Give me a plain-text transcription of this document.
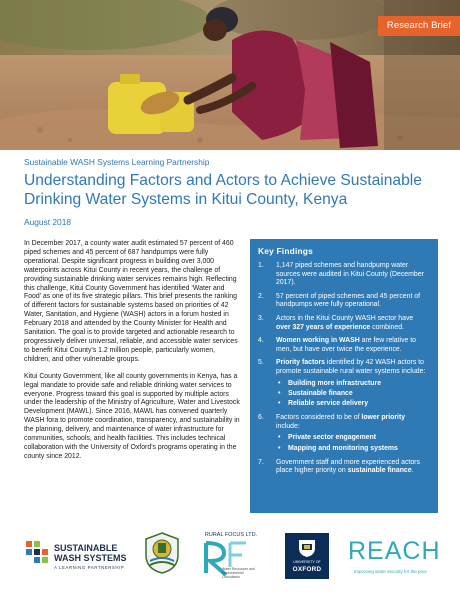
Research Brief
Sustainable WASH Systems Learning Partnership
Understanding Factors and Actors to Achieve Sustainable Drinking Water Systems in Kitui County, Kenya
August 2018

In December 2017, a county water audit estimated 57 percent of 460 piped schemes and 45 percent of 687 handpumps were fully operational. Despite significant progress in building over 3,000 waterpoints across Kitui County in recent years, the challenge of providing sustainable drinking water services remains high. Reflecting this challenge, Kitui County Government has identified ‘Water and Food’ as one of its five strategic pillars. This brief presents the ranking of different factors for sustainable systems based on priorities of 42 Water, Sanitation, and Hygiene (WASH) actors in a forum hosted in February 2018 and attended by the County Minister for Health and Sanitation. The goal is to provide targeted and actionable research to progressively deliver universal, reliable, and accessible water services to benefit Kitui County’s 1.2 million people, particularly women, children, and other vulnerable groups.

Kitui County Government, like all county governments in Kenya, has a legal mandate to provide safe and reliable drinking water services to everyone. Progress toward this goal is supported by multiple actors under the leadership of the Ministry of Agriculture, Water and Livestock Development (MAWL). Since 2016, MAWL has convened quarterly WASH fora to promote coordination, transparency, and sustainability in the planning, delivery, and maintenance of water infrastructure for communities, schools, and health facilities. This includes technical collaboration with the University of Oxford’s programs operating in the county since 2012.

Key Findings
1. 1,147 piped schemes and handpump water sources were audited in Kitui County (December 2017).
2. 57 percent of piped schemes and 45 percent of handpumps were fully operational.
3. Actors in the Kitui County WASH sector have over 327 years of experience combined.
4. Women working in WASH are few relative to men, but have over twice the experience.
5. Priority factors identified by 42 WASH actors to promote sustainable rural water systems include:
• Building more infrastructure
• Sustainable finance
• Reliable service delivery
6. Factors considered to be of lower priority include:
• Private sector engagement
• Mapping and monitoring systems
7. Government staff and more experienced actors place higher priority on sustainable finance.
SUSTAINABLE
WASH SYSTEMS
A LEARNING PARTNERSHIP
RURAL FOCUS LTD.
Water Resources and Environmental Consultants
UNIVERSITY OF
OXFORD
REACH
Improving water security for the poor
